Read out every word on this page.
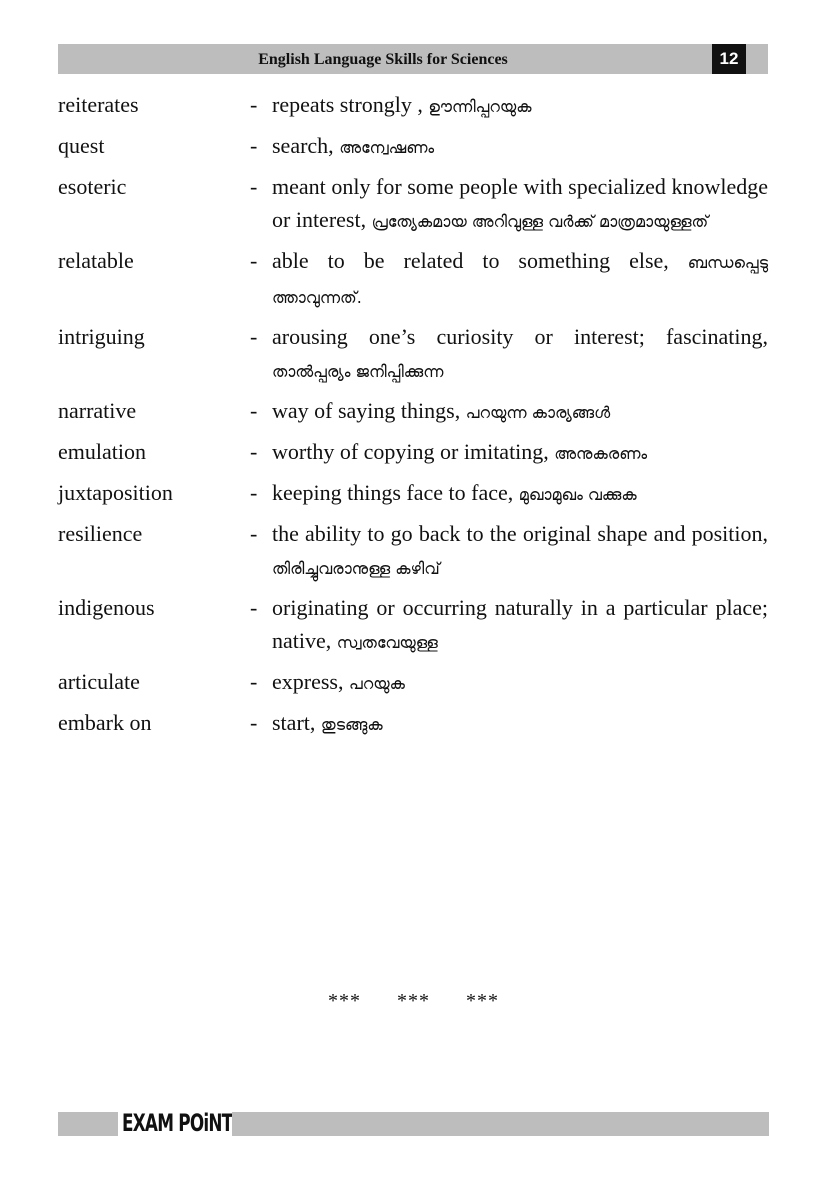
English Language Skills for Sciences	12
reiterates	- repeats strongly , ഊന്നിപ്പറയുക
quest	- search, അന്വേഷണം
esoteric	- meant only for some people with specialized knowledge or interest, പ്രത്യേകമായ അറിവുള്ള വർക്ക് മാത്രമായുള്ളത്
relatable	- able to be related to something else, ബന്ധപ്പെടു ത്താവുന്നത്.
intriguing	- arousing one’s curiosity or interest; fascinating, താൽപ്പര്യം ജനിപ്പിക്കുന്ന
narrative	- way of saying things, പറയുന്ന കാര്യങ്ങൾ
emulation	- worthy of copying or imitating, അനുകരണം
juxtaposition	- keeping things face to face, മുഖാമുഖം വക്കുക
resilience	- the ability to go back to the original shape and position, തിരിച്ചുവരാനുള്ള കഴിവ്
indigenous	- originating or occurring naturally in a particular place; native, സ്വതവേയുള്ള
articulate	- express, പറയുക
embark on	- start, തുടങ്ങുക
*** *** ***
EXAM POiNT
